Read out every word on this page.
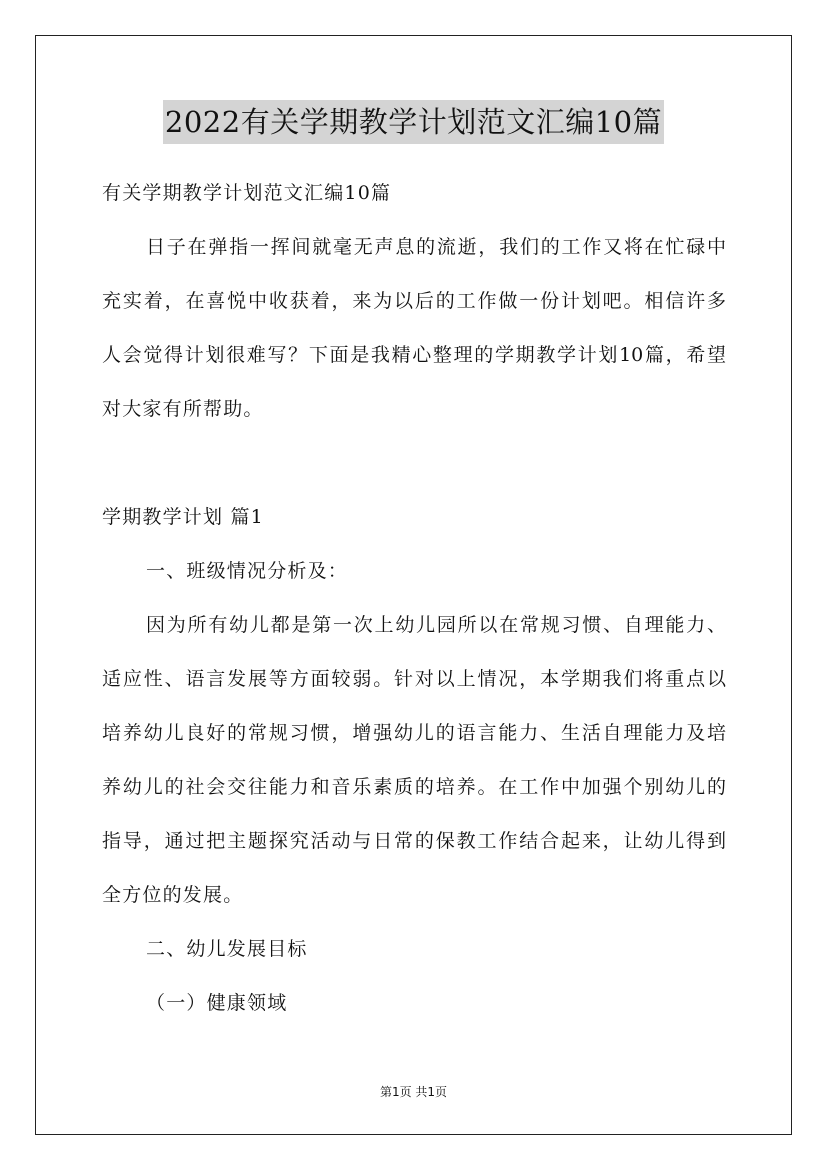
2022有关学期教学计划范文汇编10篇
有关学期教学计划范文汇编10篇
日子在弹指一挥间就毫无声息的流逝，我们的工作又将在忙碌中
充实着，在喜悦中收获着，来为以后的工作做一份计划吧。相信许多
人会觉得计划很难写？下面是我精心整理的学期教学计划10篇，希望
对大家有所帮助。
学期教学计划 篇1
一、班级情况分析及：
因为所有幼儿都是第一次上幼儿园所以在常规习惯、自理能力、
适应性、语言发展等方面较弱。针对以上情况，本学期我们将重点以
培养幼儿良好的常规习惯，增强幼儿的语言能力、生活自理能力及培
养幼儿的社会交往能力和音乐素质的培养。在工作中加强个别幼儿的
指导，通过把主题探究活动与日常的保教工作结合起来，让幼儿得到
全方位的发展。
二、幼儿发展目标
（一）健康领域
第1页 共1页
